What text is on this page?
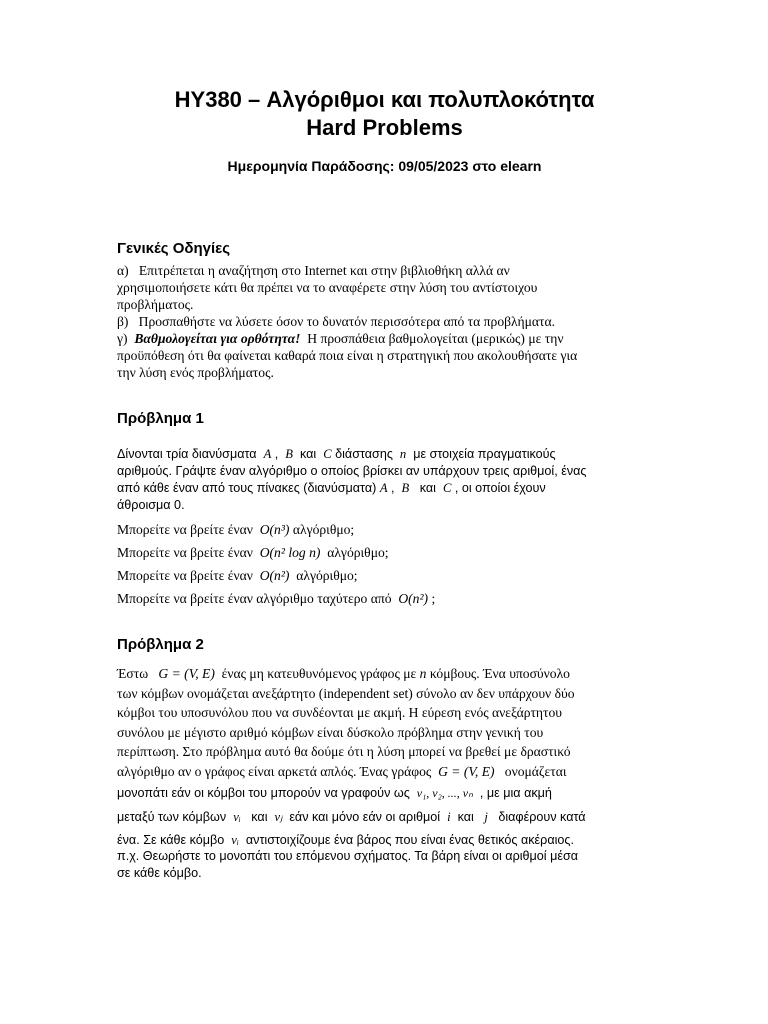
HY380 – Αλγόριθμοι και πολυπλοκότητα
Hard Problems
Ημερομηνία Παράδοσης: 09/05/2023 στο elearn
Γενικές Οδηγίες
α) Επιτρέπεται η αναζήτηση στο Internet και στην βιβλιοθήκη αλλά αν
χρησιμοποιήσετε κάτι θα πρέπει να το αναφέρετε στην λύση του αντίστοιχου
προβλήματος.
β) Προσπαθήστε να λύσετε όσον το δυνατόν περισσότερα από τα προβλήματα.
γ) Βαθμολογείται για ορθότητα! Η προσπάθεια βαθμολογείται (μερικώς) με την
προϋπόθεση ότι θα φαίνεται καθαρά ποια είναι η στρατηγική που ακολουθήσατε για
την λύση ενός προβλήματος.
Πρόβλημα 1
Δίνονται τρία διανύσματα A , B και C διάστασης n με στοιχεία πραγματικούς
αριθμούς. Γράψτε έναν αλγόριθμο ο οποίος βρίσκει αν υπάρχουν τρεις αριθμοί, ένας
από κάθε έναν από τους πίνακες (διανύσματα) A , B και C , οι οποίοι έχουν
άθροισμα 0.
Μπορείτε να βρείτε έναν O(n³) αλγόριθμο;
Μπορείτε να βρείτε έναν O(n² log n) αλγόριθμο;
Μπορείτε να βρείτε έναν O(n²) αλγόριθμο;
Μπορείτε να βρείτε έναν αλγόριθμο ταχύτερο από O(n²) ;
Πρόβλημα 2
Έστω G = (V, E) ένας μη κατευθυνόμενος γράφος με n κόμβους. Ένα υποσύνολο
των κόμβων ονομάζεται ανεξάρτητο (independent set) σύνολο αν δεν υπάρχουν δύο
κόμβοι του υποσυνόλου που να συνδέονται με ακμή. Η εύρεση ενός ανεξάρτητου
συνόλου με μέγιστο αριθμό κόμβων είναι δύσκολο πρόβλημα στην γενική του
περίπτωση. Στο πρόβλημα αυτό θα δούμε ότι η λύση μπορεί να βρεθεί με δραστικό
αλγόριθμο αν ο γράφος είναι αρκετά απλός. Ένας γράφος G = (V, E) ονομάζεται
μονοπάτι εάν οι κόμβοι του μπορούν να γραφούν ως v₁, v₂, ..., vₙ , με μια ακμή
μεταξύ των κόμβων vᵢ και vⱼ εάν και μόνο εάν οι αριθμοί i και j διαφέρουν κατά
ένα. Σε κάθε κόμβο vᵢ αντιστοιχίζουμε ένα βάρος που είναι ένας θετικός ακέραιος.
π.χ. Θεωρήστε το μονοπάτι του επόμενου σχήματος. Τα βάρη είναι οι αριθμοί μέσα
σε κάθε κόμβο.
